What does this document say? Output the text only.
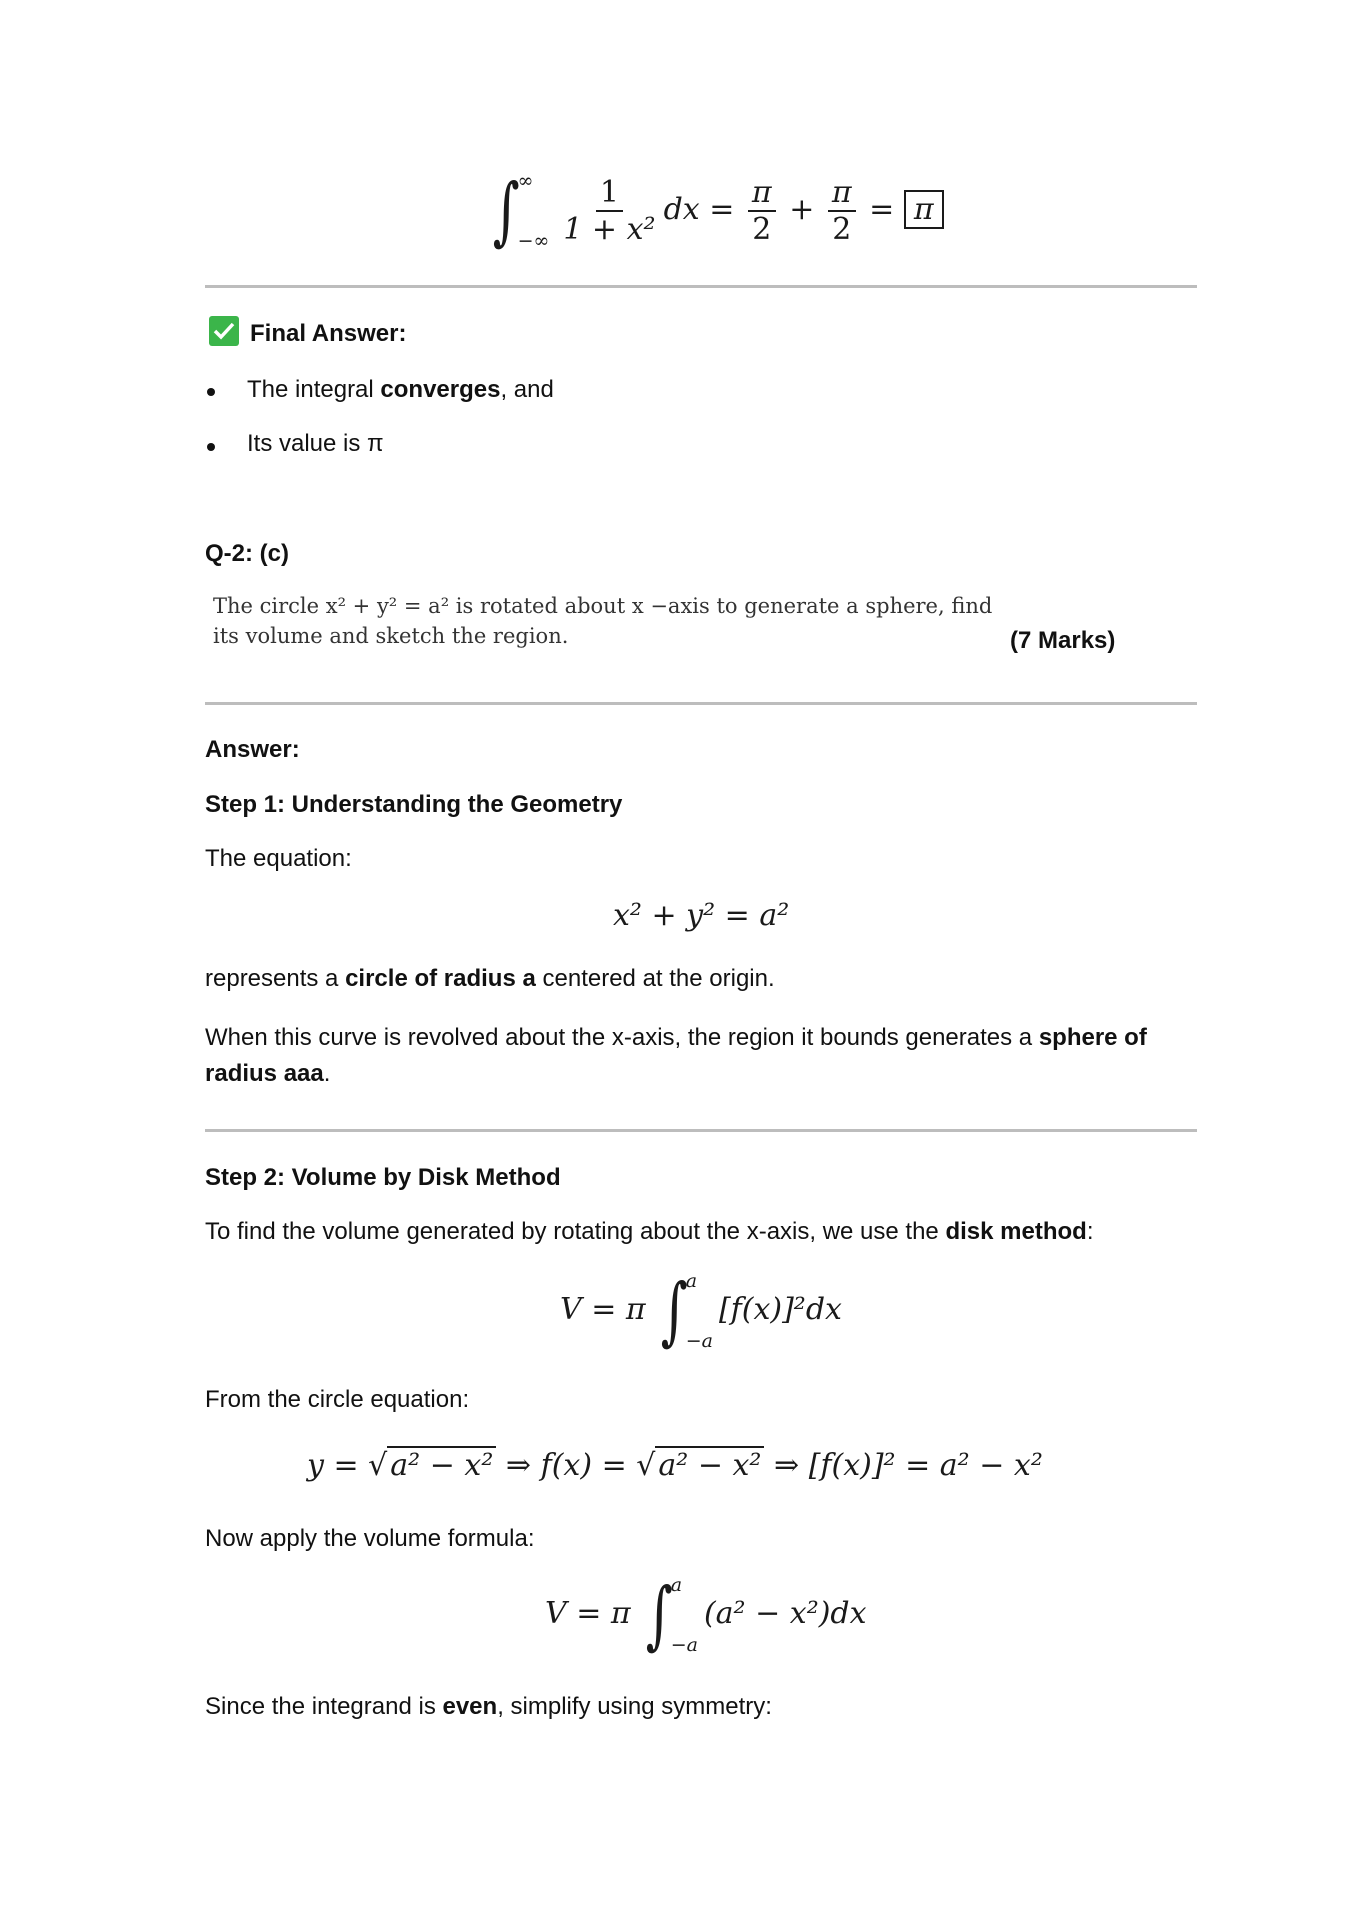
∫
∞
−∞ $\frac{1}{\text{1 + x²}}$ dx = $\frac{\pi}{2} + \frac{\pi}{2} = \pi$
Final Answer:
The integral converges, and
Its value is π
Q-2: (c)
The circle x² + y² = a² is rotated about x −axis to generate a sphere, find
its volume and sketch the region.	(7 Marks)
Answer:
Step 1: Understanding the Geometry
The equation:
x² + y² = a²
represents a circle of radius a centered at the origin.
When this curve is revolved about the x-axis, the region it bounds generates a sphere of
radius aaa.
Step 2: Volume by Disk Method
To find the volume generated by rotating about the x-axis, we use the disk method:
V = π ∫
a
−a
[f(x)]²dx
From the circle equation:
y = √ a² − x² ⇒ f(x) = √ a² − x² ⇒ [f(x)]² = a² − x²
Now apply the volume formula:
V = π ∫
a
−a
(a² − x²)dx
Since the integrand is even, simplify using symmetry:
